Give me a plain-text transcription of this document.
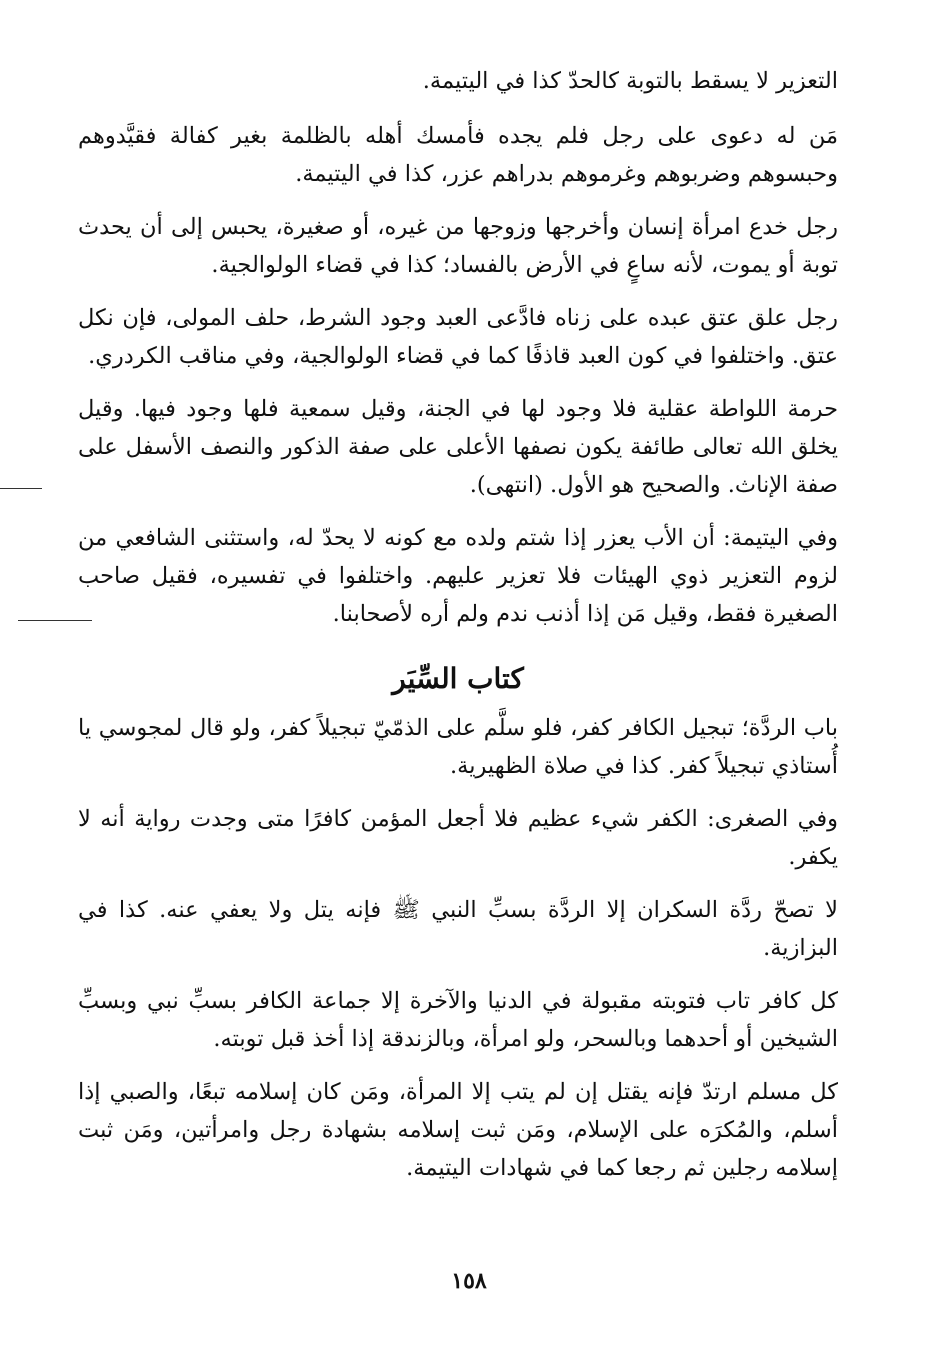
التعزير لا يسقط بالتوبة كالحدّ كذا في اليتيمة.

مَن له دعوى على رجل فلم يجده فأمسك أهله بالظلمة بغير كفالة فقيَّدوهم وحبسوهم وضربوهم وغرموهم بدراهم عزر، كذا في اليتيمة.

رجل خدع امرأة إنسان وأخرجها وزوجها من غيره، أو صغيرة، يحبس إلى أن يحدث توبة أو يموت، لأنه ساعٍ في الأرض بالفساد؛ كذا في قضاء الولوالجية.

رجل علق عتق عبده على زناه فادَّعى العبد وجود الشرط، حلف المولى، فإن نكل عتق. واختلفوا في كون العبد قاذفًا كما في قضاء الولوالجية، وفي مناقب الكردري.

حرمة اللواطة عقلية فلا وجود لها في الجنة، وقيل سمعية فلها وجود فيها. وقيل يخلق الله تعالى طائفة يكون نصفها الأعلى على صفة الذكور والنصف الأسفل على صفة الإناث. والصحيح هو الأول. (انتهى).

وفي اليتيمة: أن الأب يعزر إذا شتم ولده مع كونه لا يحدّ له، واستثنى الشافعي من لزوم التعزير ذوي الهيئات فلا تعزير عليهم. واختلفوا في تفسيره، فقيل صاحب الصغيرة فقط، وقيل مَن إذا أذنب ندم ولم أره لأصحابنا.

كتاب السِّيَر

باب الردَّة؛ تبجيل الكافر كفر، فلو سلَّم على الذمّيّ تبجيلاً كفر، ولو قال لمجوسي يا أُستاذي تبجيلاً كفر. كذا في صلاة الظهيرية.

وفي الصغرى: الكفر شيء عظيم فلا أجعل المؤمن كافرًا متى وجدت رواية أنه لا يكفر.

لا تصحّ ردَّة السكران إلا الردَّة بسبِّ النبي ﷺ فإنه يتل ولا يعفي عنه. كذا في البزازية.

كل كافر تاب فتوبته مقبولة في الدنيا والآخرة إلا جماعة الكافر بسبِّ نبي وبسبِّ الشيخين أو أحدهما وبالسحر، ولو امرأة، وبالزندقة إذا أخذ قبل توبته.

كل مسلم ارتدّ فإنه يقتل إن لم يتب إلا المرأة، ومَن كان إسلامه تبعًا، والصبي إذا أسلم، والمُكرَه على الإسلام، ومَن ثبت إسلامه بشهادة رجل وامرأتين، ومَن ثبت إسلامه رجلين ثم رجعا كما في شهادات اليتيمة.

١٥٨
